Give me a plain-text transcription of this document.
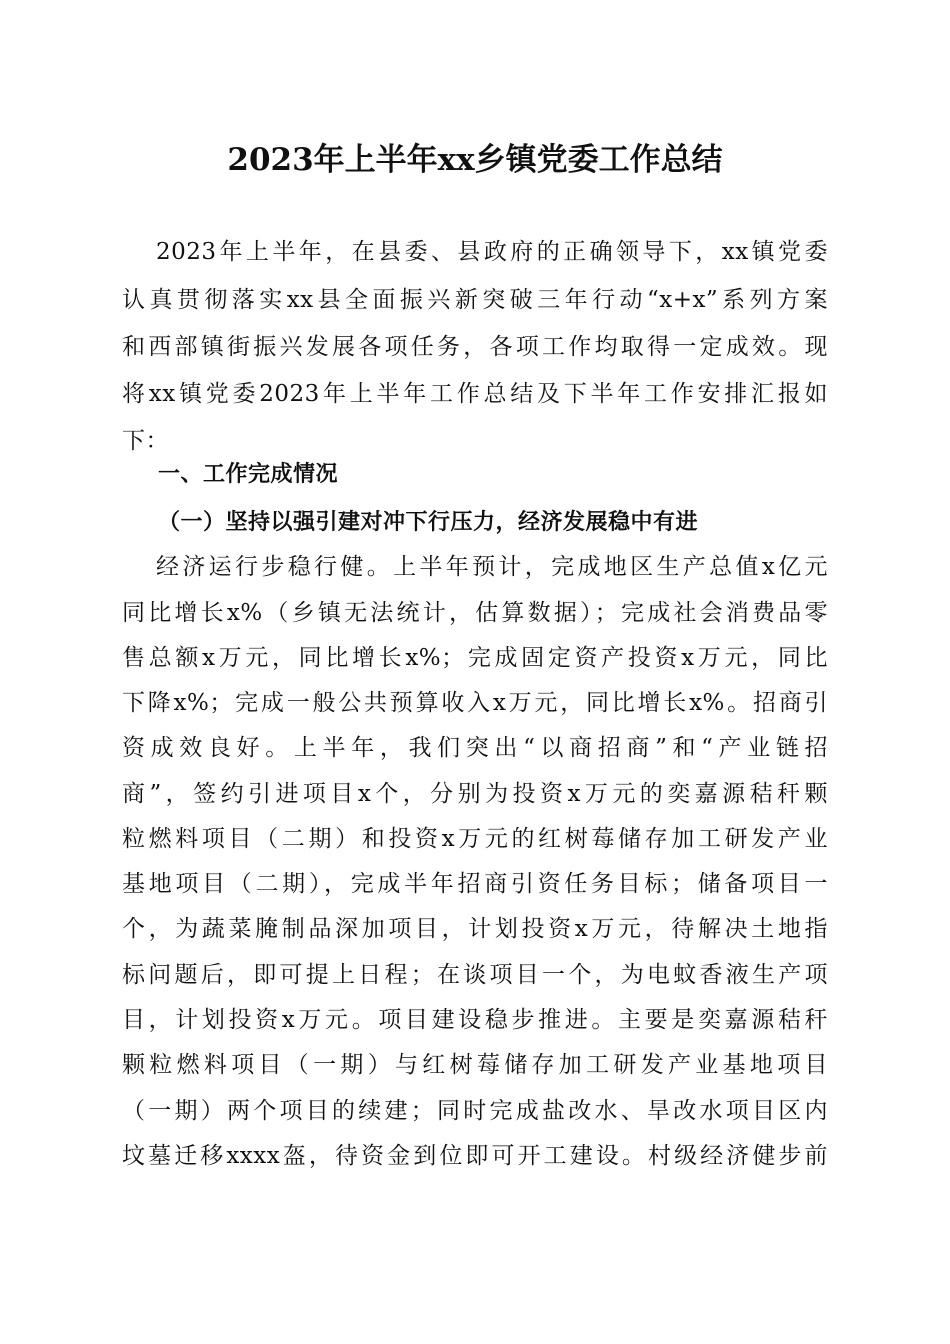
2023年上半年xx乡镇党委工作总结
2023年上半年，在县委、县政府的正确领导下，xx镇党委
认真贯彻落实xx县全面振兴新突破三年行动“x+x”系列方案
和西部镇街振兴发展各项任务，各项工作均取得一定成效。现
将xx镇党委2023年上半年工作总结及下半年工作安排汇报如
下：
一、工作完成情况
（一）坚持以强引建对冲下行压力，经济发展稳中有进
经济运行步稳行健。上半年预计，完成地区生产总值x亿元
同比增长x%（乡镇无法统计，估算数据）；完成社会消费品零
售总额x万元，同比增长x%；完成固定资产投资x万元，同比
下降x%；完成一般公共预算收入x万元，同比增长x%。招商引
资成效良好。上半年，我们突出“以商招商”和“产业链招
商”，签约引进项目x个，分别为投资x万元的奕嘉源秸秆颗
粒燃料项目（二期）和投资x万元的红树莓储存加工研发产业
基地项目（二期），完成半年招商引资任务目标；储备项目一
个，为蔬菜腌制品深加项目，计划投资x万元，待解决土地指
标问题后，即可提上日程；在谈项目一个，为电蚊香液生产项
目，计划投资x万元。项目建设稳步推进。主要是奕嘉源秸秆
颗粒燃料项目（一期）与红树莓储存加工研发产业基地项目
（一期）两个项目的续建；同时完成盐改水、旱改水项目区内
坟墓迁移xxxx盔，待资金到位即可开工建设。村级经济健步前
